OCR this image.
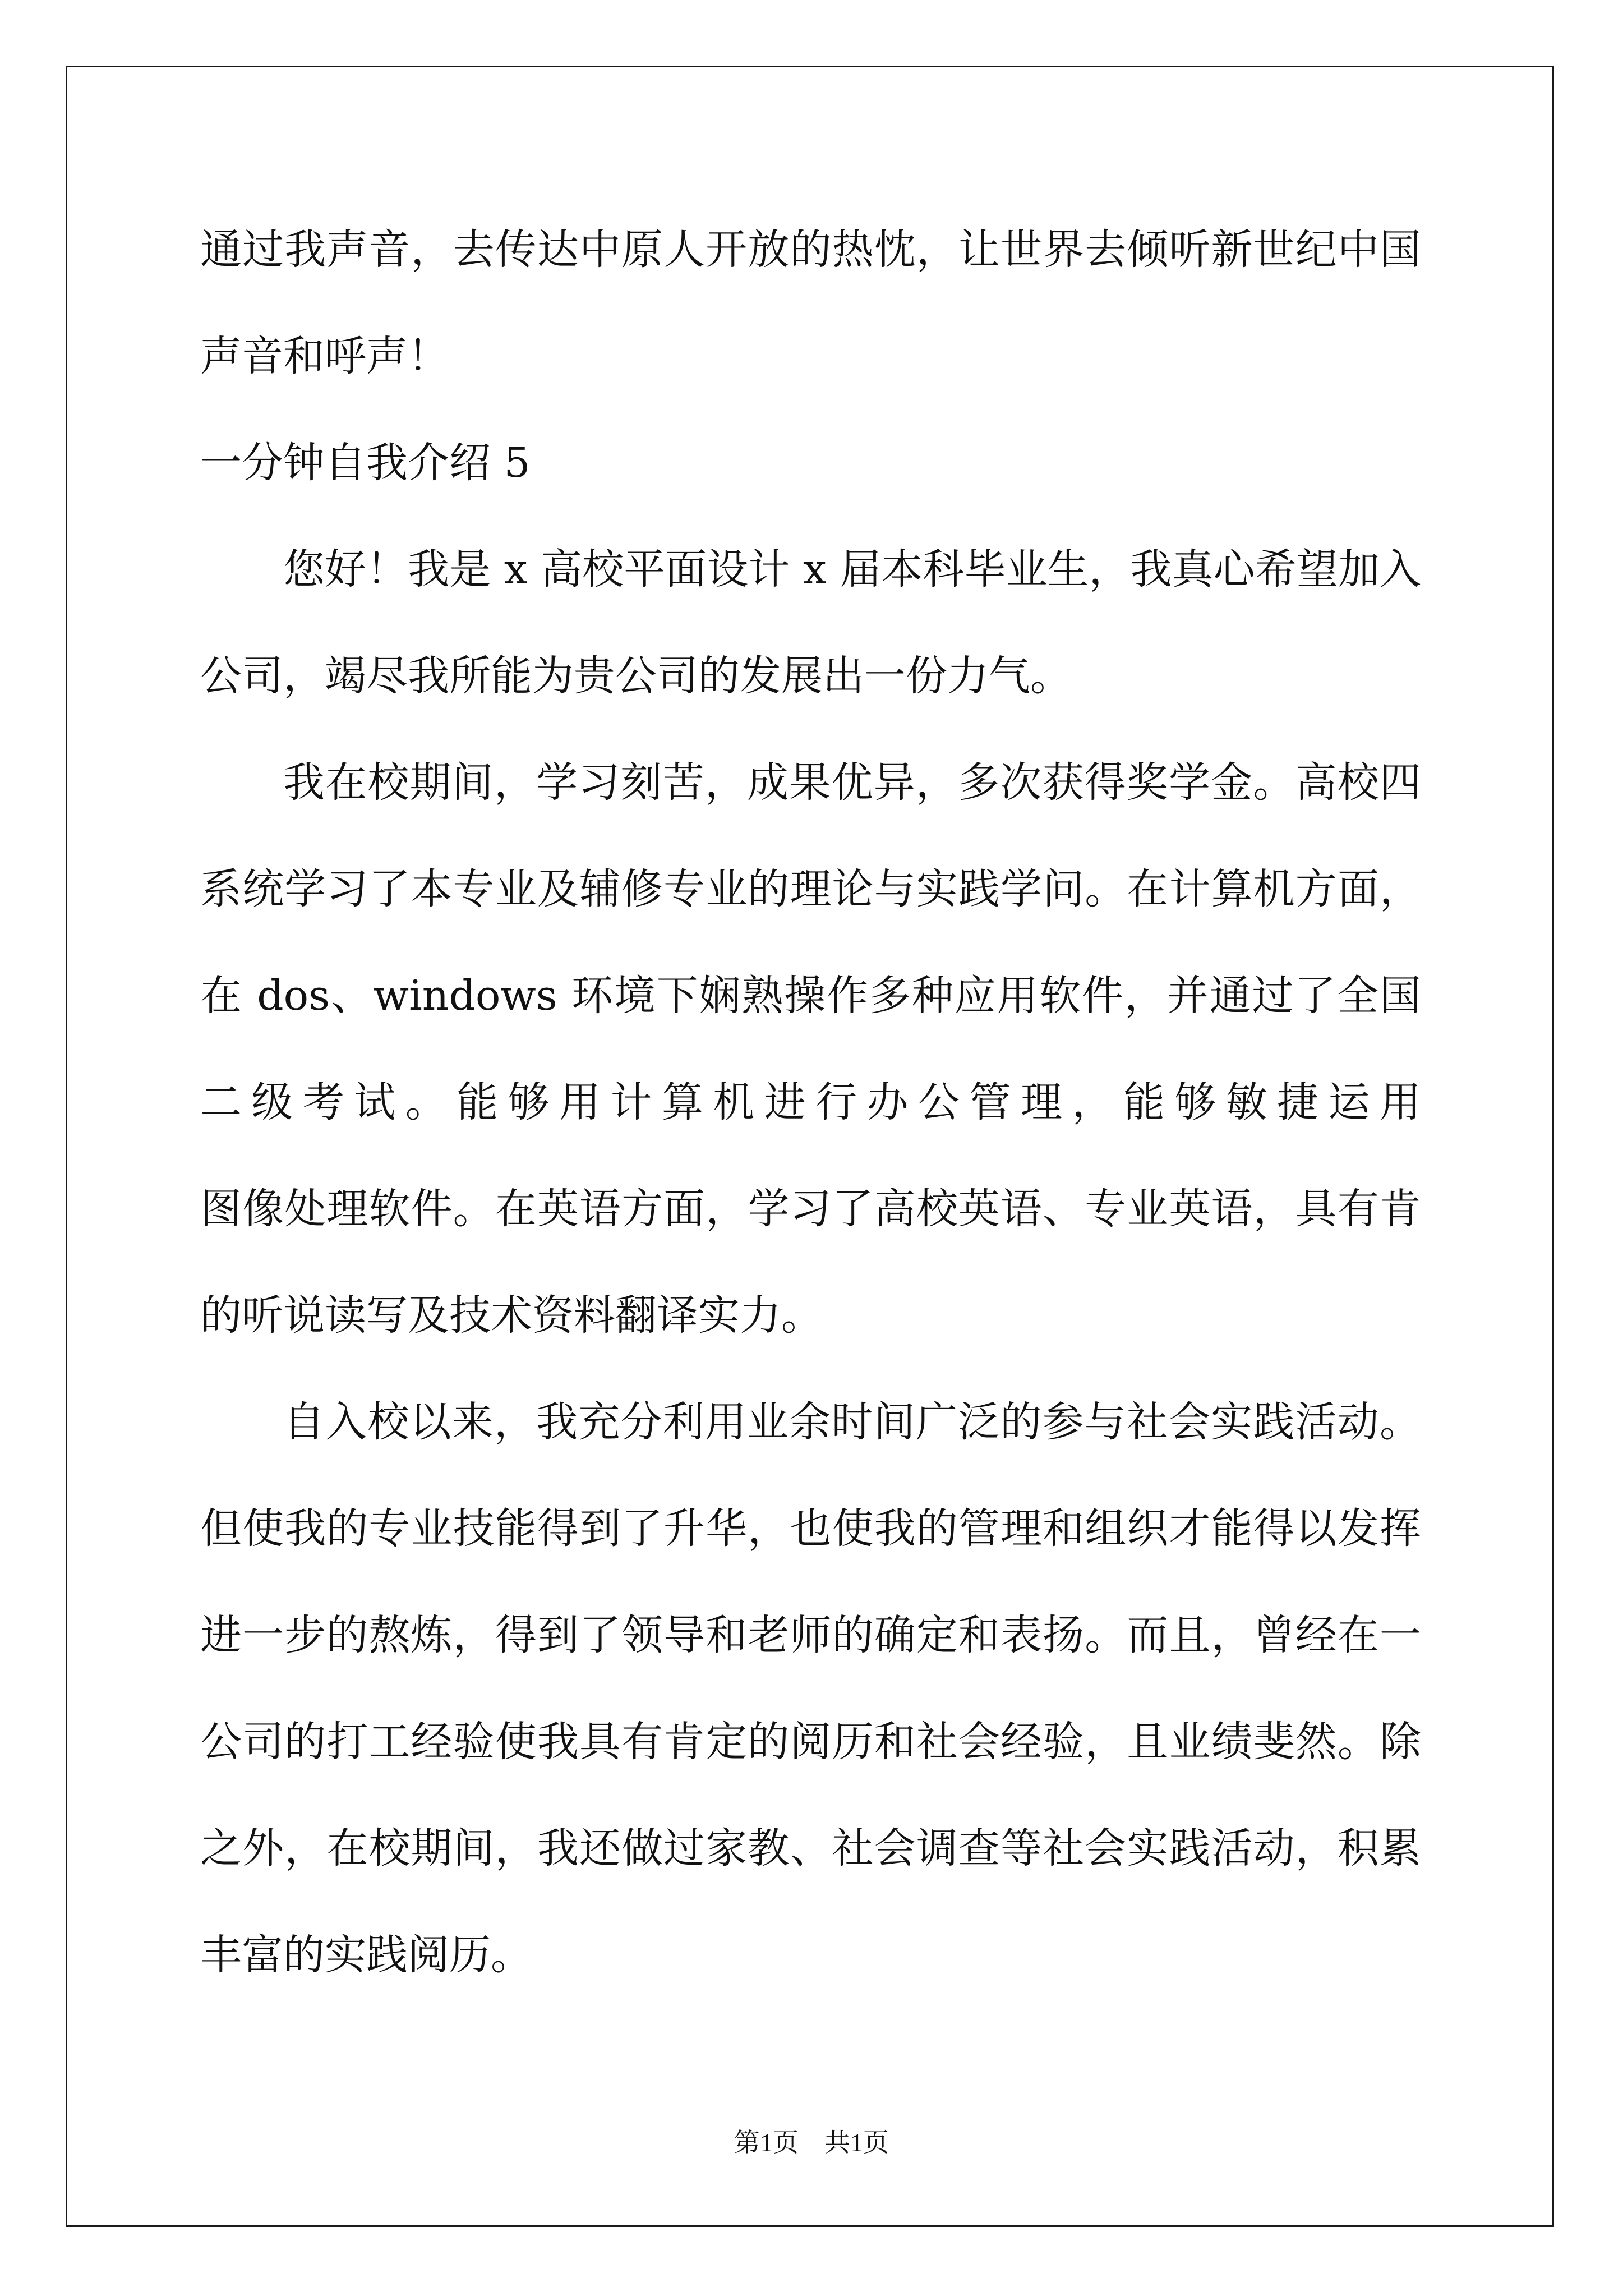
通过我声音，去传达中原人开放的热忱，让世界去倾听新世纪中国
声音和呼声！
一分钟自我介绍 5
您好！我是 x 高校平面设计 x 届本科毕业生，我真心希望加入
公司，竭尽我所能为贵公司的发展出一份力气。
我在校期间，学习刻苦，成果优异，多次获得奖学金。高校四
系统学习了本专业及辅修专业的理论与实践学问。在计算机方面，
在 dos、windows 环境下娴熟操作多种应用软件，并通过了全国
二级考试。能够用计算机进行办公管理，能够敏捷运用
图像处理软件。在英语方面，学习了高校英语、专业英语，具有肯
的听说读写及技术资料翻译实力。
自入校以来，我充分利用业余时间广泛的参与社会实践活动。
但使我的专业技能得到了升华，也使我的管理和组织才能得以发挥
进一步的熬炼，得到了领导和老师的确定和表扬。而且，曾经在一
公司的打工经验使我具有肯定的阅历和社会经验，且业绩斐然。除
之外，在校期间，我还做过家教、社会调查等社会实践活动，积累
丰富的实践阅历。
第1页　共1页
